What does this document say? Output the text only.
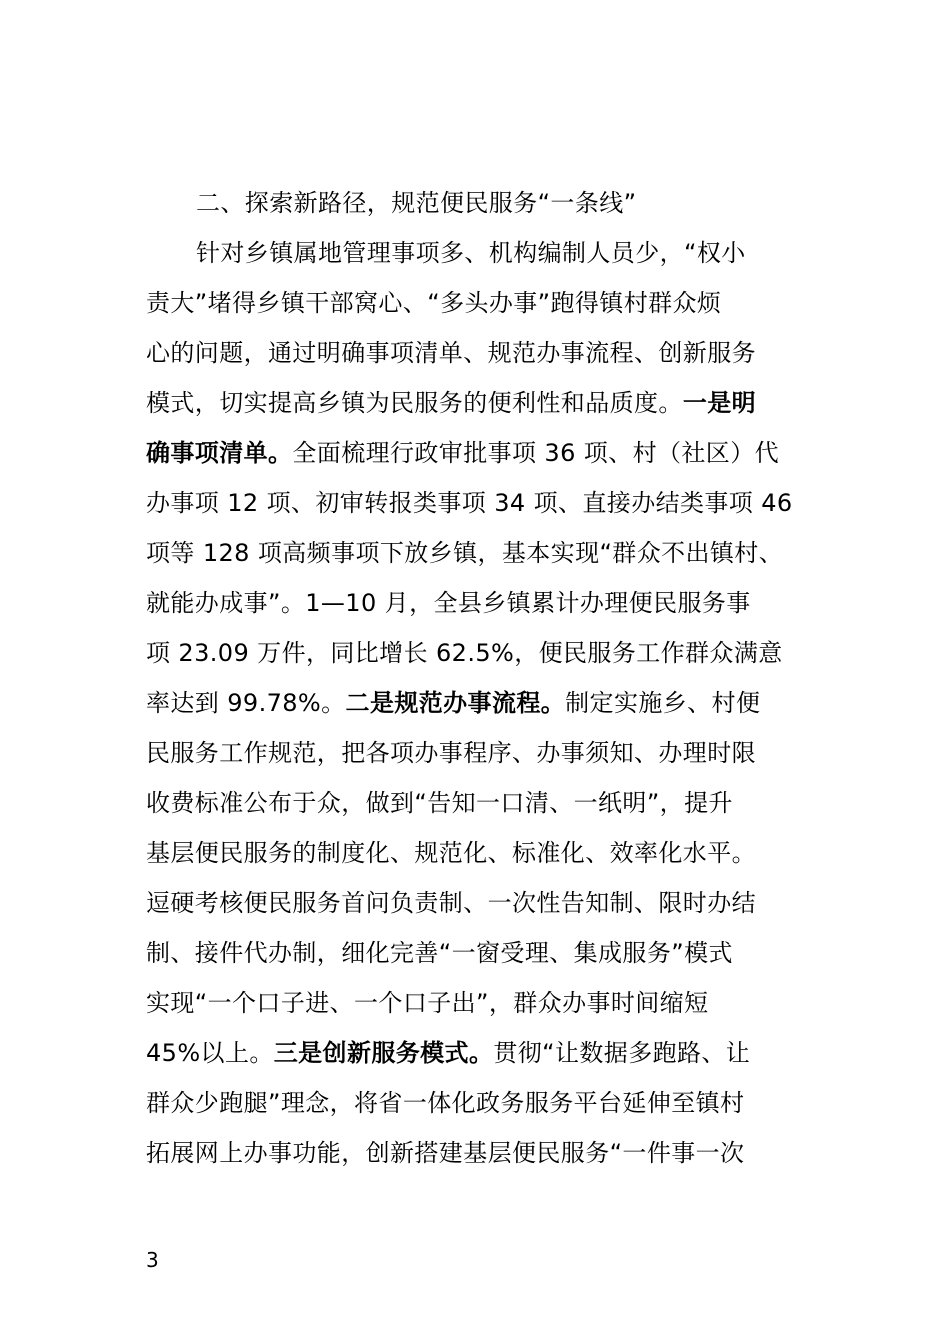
二、探索新路径，规范便民服务“一条线”
针对乡镇属地管理事项多、机构编制人员少，“权小
责大”堵得乡镇干部窝心、“多头办事”跑得镇村群众烦
心的问题，通过明确事项清单、规范办事流程、创新服务
模式，切实提高乡镇为民服务的便利性和品质度。一是明
确事项清单。全面梳理行政审批事项 36 项、村（社区）代
办事项 12 项、初审转报类事项 34 项、直接办结类事项 46
项等 128 项高频事项下放乡镇，基本实现“群众不出镇村、
就能办成事”。1—10 月，全县乡镇累计办理便民服务事
项 23.09 万件，同比增长 62.5%，便民服务工作群众满意
率达到 99.78%。二是规范办事流程。制定实施乡、村便
民服务工作规范，把各项办事程序、办事须知、办理时限
收费标准公布于众，做到“告知一口清、一纸明”，提升
基层便民服务的制度化、规范化、标准化、效率化水平。
逗硬考核便民服务首问负责制、一次性告知制、限时办结
制、接件代办制，细化完善“一窗受理、集成服务”模式
实现“一个口子进、一个口子出”，群众办事时间缩短
45%以上。三是创新服务模式。贯彻“让数据多跑路、让
群众少跑腿”理念，将省一体化政务服务平台延伸至镇村
拓展网上办事功能，创新搭建基层便民服务“一件事一次
3
